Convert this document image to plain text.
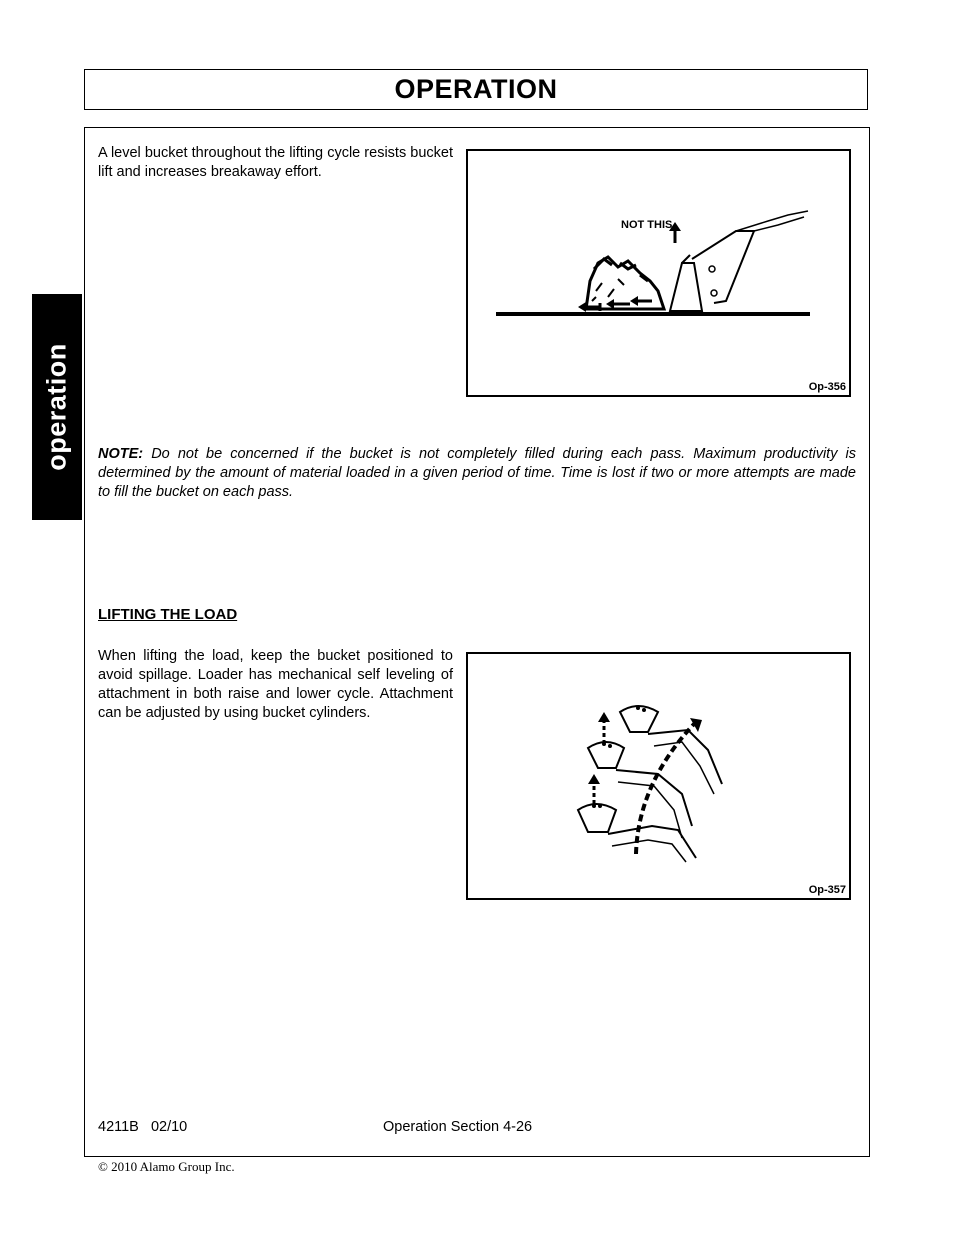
OPERATION
operation
A level bucket throughout the lifting cycle resists bucket lift and increases breakaway effort.
NOT THIS
Op-356
NOTE: Do not be concerned if the bucket is not completely filled during each pass. Maximum productivity is determined by the amount of material loaded in a given period of time. Time is lost if two or more attempts are made to fill the bucket on each pass.
LIFTING THE LOAD
When lifting the load, keep the bucket positioned to avoid spillage. Loader has mechanical self leveling of attachment in both raise and lower cycle. Attachment can be adjusted by using bucket cylinders.
Op-357
4211B   02/10	Operation Section 4-26
© 2010 Alamo Group Inc.
